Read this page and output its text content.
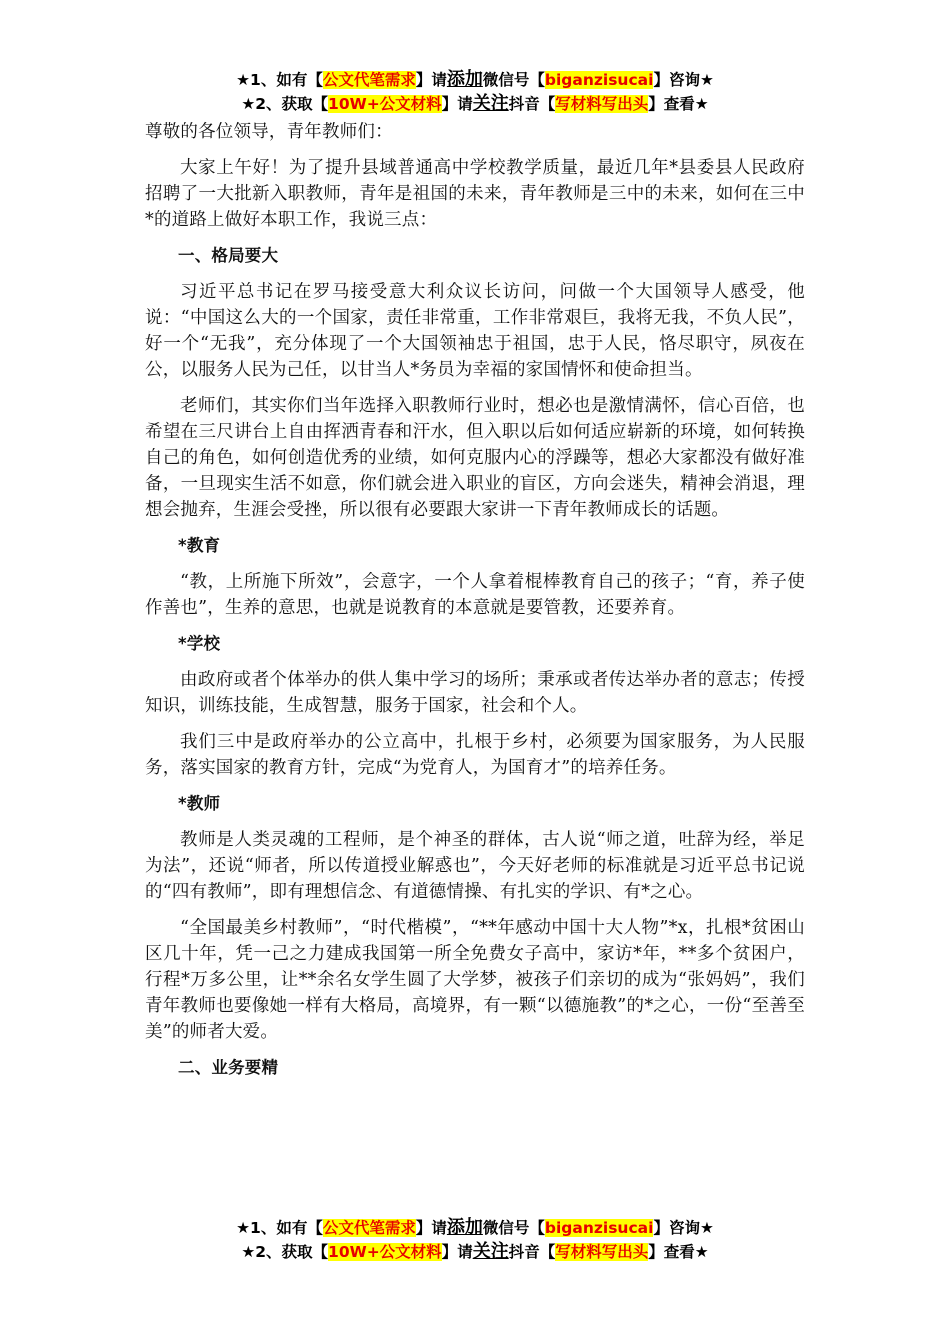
★1、如有【公文代笔需求】请添加微信号【biganzisucai】咨询★
★2、获取【10W+公文材料】请关注抖音【写材料写出头】查看★

尊敬的各位领导，青年教师们：

大家上午好！为了提升县域普通高中学校教学质量，最近几年*县委县人民政府招聘了一大批新入职教师，青年是祖国的未来，青年教师是三中的未来，如何在三中*的道路上做好本职工作，我说三点：

一、格局要大

习近平总书记在罗马接受意大利众议长访问，问做一个大国领导人感受，他说：“中国这么大的一个国家，责任非常重，工作非常艰巨，我将无我，不负人民”，好一个“无我”，充分体现了一个大国领袖忠于祖国，忠于人民，恪尽职守，夙夜在公，以服务人民为己任，以甘当人*务员为幸福的家国情怀和使命担当。

老师们，其实你们当年选择入职教师行业时，想必也是激情满怀，信心百倍，也希望在三尺讲台上自由挥洒青春和汗水，但入职以后如何适应崭新的环境，如何转换自己的角色，如何创造优秀的业绩，如何克服内心的浮躁等，想必大家都没有做好准备，一旦现实生活不如意，你们就会进入职业的盲区，方向会迷失，精神会消退，理想会抛弃，生涯会受挫，所以很有必要跟大家讲一下青年教师成长的话题。

*教育

“教，上所施下所效”，会意字，一个人拿着棍棒教育自己的孩子；“育，养子使作善也”，生养的意思，也就是说教育的本意就是要管教，还要养育。

*学校

由政府或者个体举办的供人集中学习的场所；秉承或者传达举办者的意志；传授知识，训练技能，生成智慧，服务于国家，社会和个人。

我们三中是政府举办的公立高中，扎根于乡村，必须要为国家服务，为人民服务，落实国家的教育方针，完成“为党育人，为国育才”的培养任务。

*教师

教师是人类灵魂的工程师，是个神圣的群体，古人说“师之道，吐辞为经，举足为法”，还说“师者，所以传道授业解惑也”，今天好老师的标准就是习近平总书记说的“四有教师”，即有理想信念、有道德情操、有扎实的学识、有*之心。

“全国最美乡村教师”，“时代楷模”，“**年感动中国十大人物”*x，扎根*贫困山区几十年，凭一己之力建成我国第一所全免费女子高中，家访*年，**多个贫困户，行程*万多公里，让**余名女学生圆了大学梦，被孩子们亲切的成为“张妈妈”，我们青年教师也要像她一样有大格局，高境界，有一颗“以德施教”的*之心，一份“至善至美”的师者大爱。

二、业务要精

★1、如有【公文代笔需求】请添加微信号【biganzisucai】咨询★
★2、获取【10W+公文材料】请关注抖音【写材料写出头】查看★
